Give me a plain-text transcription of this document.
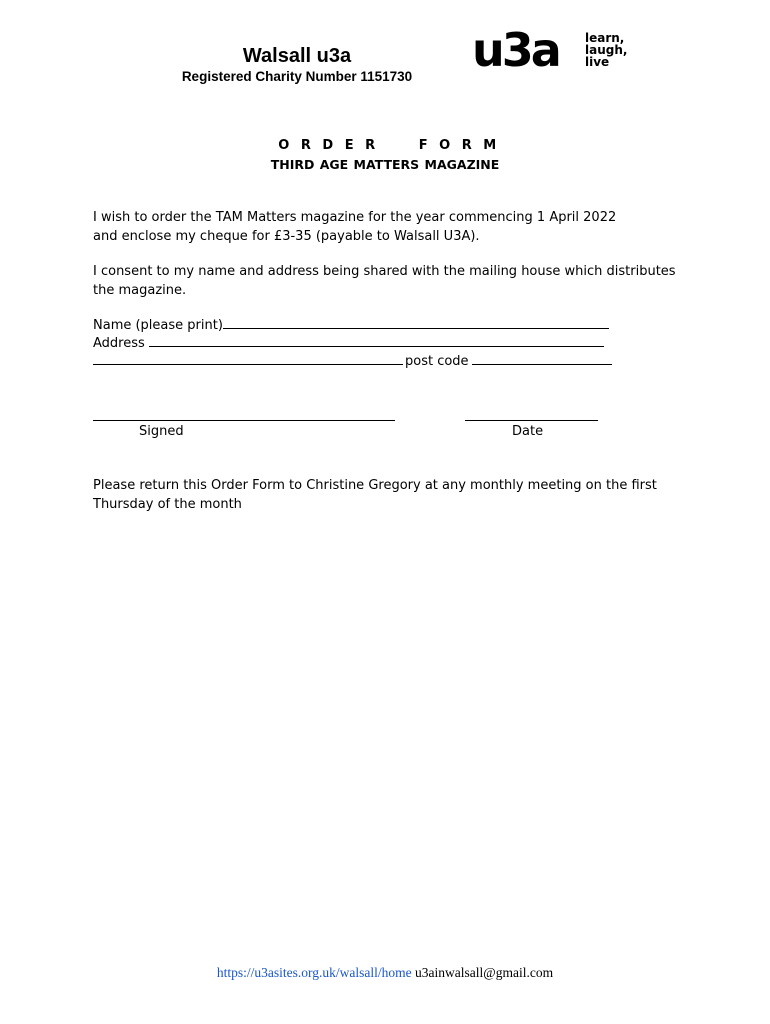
Walsall u3a
Registered Charity Number 1151730	u3a learn,
laugh,
live
O R D E R     F O R M
THIRD AGE MATTERS MAGAZINE
I wish to order the TAM Matters magazine for the year commencing 1 April 2022
and enclose my cheque for £3-35 (payable to Walsall U3A).
I consent to my name and address being shared with the mailing house which distributes
the magazine.
Name (please print)
Address
post code
Signed	Date
Please return this Order Form to Christine Gregory at any monthly meeting on the first
Thursday of the month
https://u3asites.org.uk/walsall/home u3ainwalsall@gmail.com
